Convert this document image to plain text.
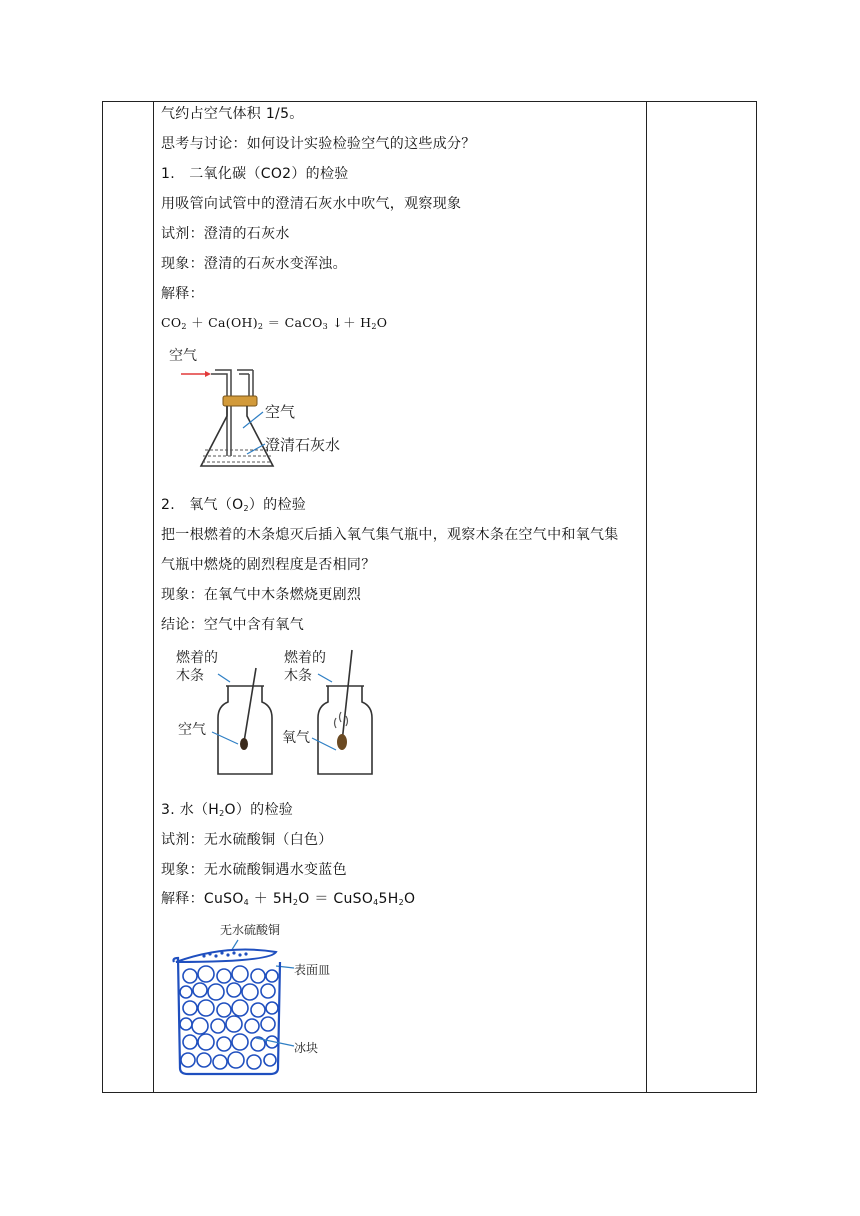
气约占空气体积 1/5。
思考与讨论：如何设计实验检验空气的这些成分？
1.　二氧化碳（CO2）的检验
用吸管向试管中的澄清石灰水中吹气，观察现象
试剂：澄清的石灰水
现象：澄清的石灰水变浑浊。
解释：
$CO_2 + Ca(OH)_2$ ＝ CaCO$_3$ ↓＋ $H_2O$
2.　氧气$(O_2)$的检验
把一根燃着的木条熄灭后插入氧气集气瓶中，观察木条在空气中和氧气集
气瓶中燃烧的剧烈程度是否相同？
现象：在氧气中木条燃烧更剧烈
结论：空气中含有氧气
3. 水$(H_2O)$的检验
试剂：无水硫酸铜（白色）
现象：无水硫酸铜遇水变蓝色
解释：CuSO$_4$ ＋ $5H_2O$ ＝ $CuSO_45H_2O$
空气
空气
澄清石灰水
燃着的
木条
燃着的
木条
空气	氧气
无水硫酸铜
表面皿
冰块
